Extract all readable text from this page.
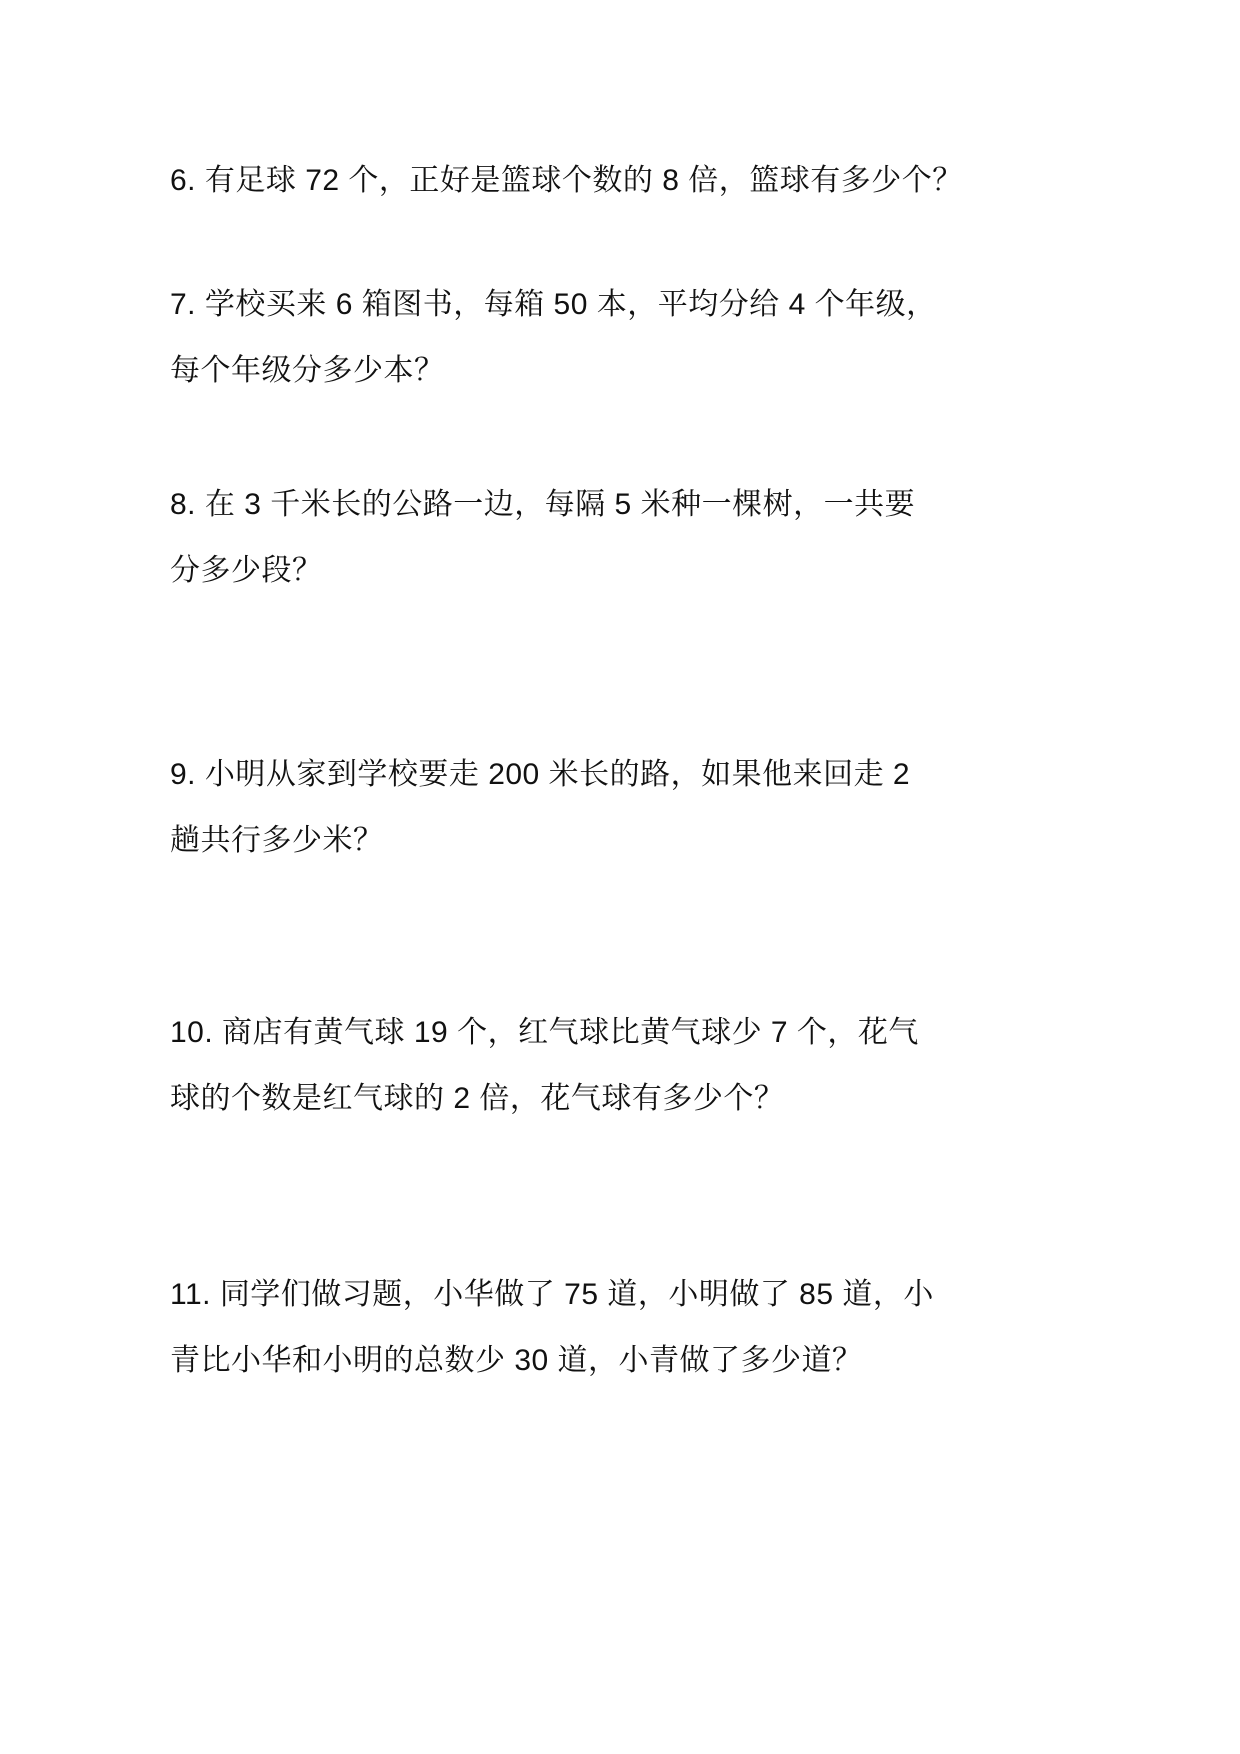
6. 有足球 72 个，正好是篮球个数的 8 倍，篮球有多少个？
7. 学校买来 6 箱图书，每箱 50 本，平均分给 4 个年级，
每个年级分多少本？
8. 在 3 千米长的公路一边，每隔 5 米种一棵树，一共要
分多少段？
9. 小明从家到学校要走 200 米长的路，如果他来回走 2
趟共行多少米？
10. 商店有黄气球 19 个，红气球比黄气球少 7 个，花气
球的个数是红气球的 2 倍，花气球有多少个？
11. 同学们做习题，小华做了 75 道，小明做了 85 道，小
青比小华和小明的总数少 30 道，小青做了多少道？
